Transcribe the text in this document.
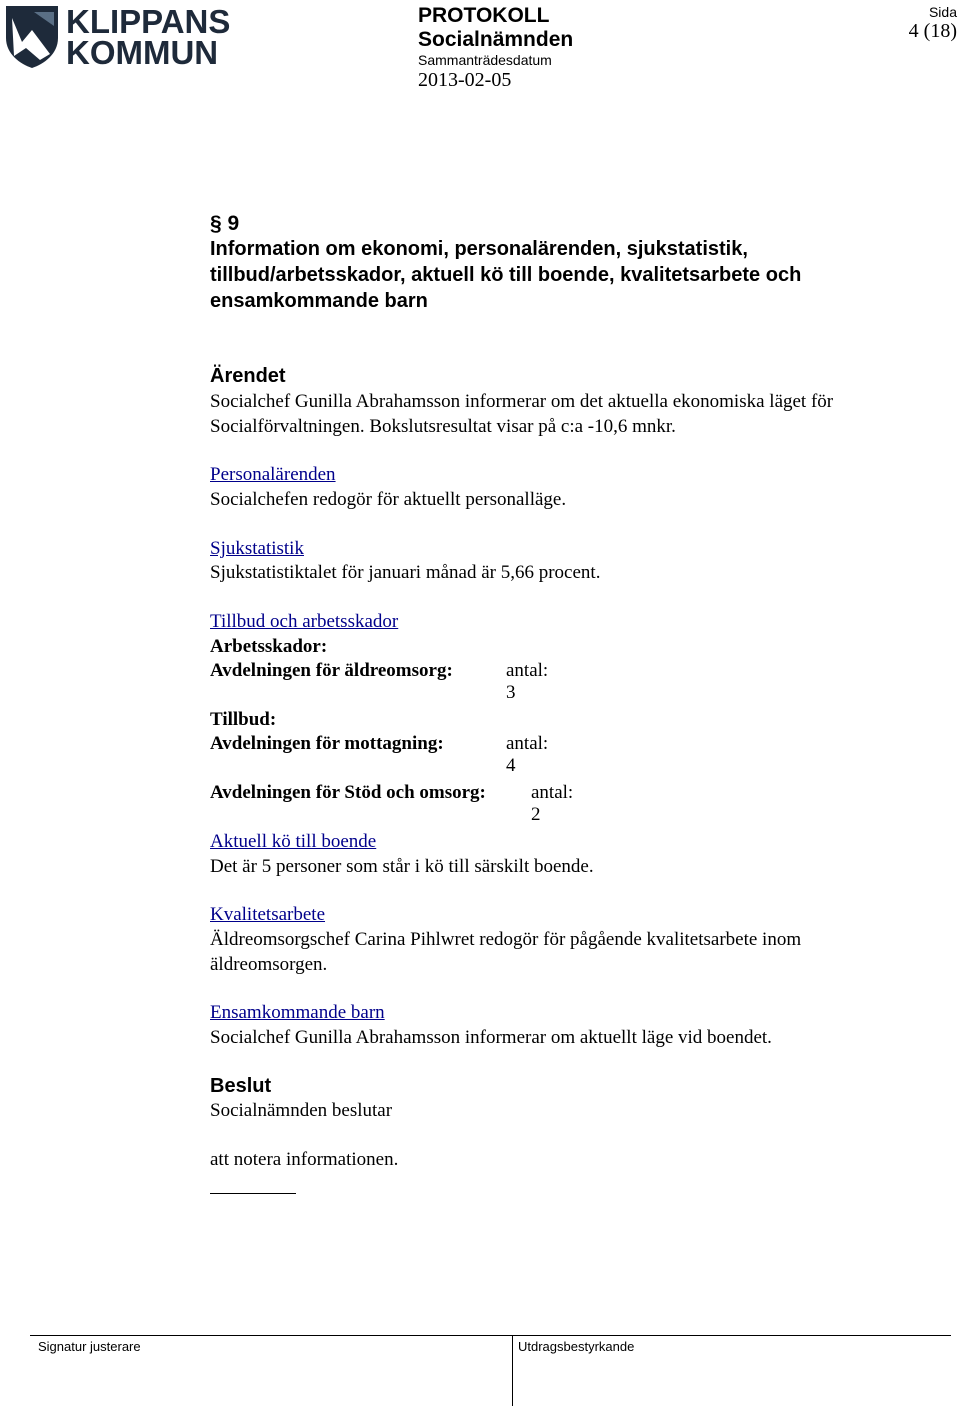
KLIPPANS
KOMMUN
PROTOKOLL
Socialnämnden
Sammanträdesdatum
2013-02-05
Sida
4 (18)
§ 9
Information om ekonomi, personalärenden, sjukstatistik,
tillbud/arbetsskador, aktuell kö till boende, kvalitetsarbete och
ensamkommande barn
Ärendet
Socialchef Gunilla Abrahamsson informerar om det aktuella ekonomiska läget för
Socialförvaltningen. Bokslutsresultat visar på c:a -10,6 mnkr.
Personalärenden
Socialchefen redogör för aktuellt personalläge.
Sjukstatistik
Sjukstatistiktalet för januari månad är 5,66 procent.
Tillbud och arbetsskador
Arbetsskador:
Avdelningen för äldreomsorg:	antal: 3
Tillbud:
Avdelningen för mottagning:	antal: 4
Avdelningen för Stöd och omsorg: antal: 2
Aktuell kö till boende
Det är 5 personer som står i kö till särskilt boende.
Kvalitetsarbete
Äldreomsorgschef Carina Pihlwret redogör för pågående kvalitetsarbete inom
äldreomsorgen.
Ensamkommande barn
Socialchef Gunilla Abrahamsson informerar om aktuellt läge vid boendet.
Beslut
Socialnämnden beslutar
att notera informationen.
Signatur justerare	Utdragsbestyrkande
